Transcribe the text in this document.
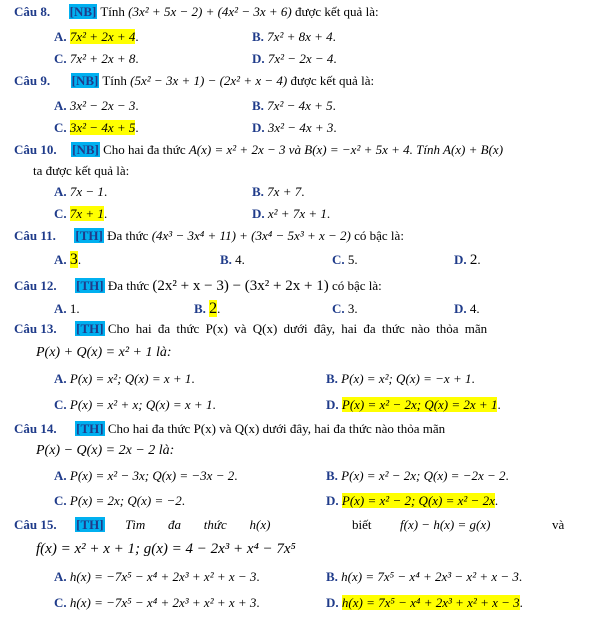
Câu 8. [NB] Tính (3x² + 5x − 2) + (4x² − 3x + 6) được kết quả là:
A. 7x² + 2x + 4.	B. 7x² + 8x + 4.
C. 7x² + 2x + 8.	D. 7x² − 2x − 4.
Câu 9. [NB] Tính (5x² − 3x + 1) − (2x² + x − 4) được kết quả là:
A. 3x² − 2x − 3.	B. 7x² − 4x + 5.
C. 3x² − 4x + 5.	D. 3x² − 4x + 3.
Câu 10. [NB] Cho hai đa thức A(x) = x² + 2x − 3 và B(x) = −x² + 5x + 4. Tính A(x) + B(x)
ta được kết quả là:
A. 7x − 1.	B. 7x + 7.
C. 7x + 1.	D. x² + 7x + 1.
Câu 11. [TH] Đa thức (4x³ − 3x⁴ + 11) + (3x⁴ − 5x³ + x − 2) có bậc là:
A. 3.	B. 4.	C. 5.	D. 2.
Câu 12. [TH] Đa thức (2x² + x − 3) − (3x² + 2x + 1) có bậc là:
A. 1.	B. 2.	C. 3.	D. 4.
Câu 13. [TH] Cho hai đa thức P(x) và Q(x) dưới đây, hai đa thức nào thỏa mãn
P(x) + Q(x) = x² + 1 là:
A. P(x) = x²; Q(x) = x + 1.	B. P(x) = x²; Q(x) = −x + 1.
C. P(x) = x² + x; Q(x) = x + 1.	D. P(x) = x² − 2x; Q(x) = 2x + 1.
Câu 14. [TH] Cho hai đa thức P(x) và Q(x) dưới đây, hai đa thức nào thỏa mãn
P(x) − Q(x) = 2x − 2 là:
A. P(x) = x² − 3x; Q(x) = −3x − 2.	B. P(x) = x² − 2x; Q(x) = −2x − 2.
C. P(x) = 2x; Q(x) = −2.	D. P(x) = x² − 2; Q(x) = x² − 2x.
Câu 15. [TH] Tìm       đa       thức       h(x)	biết f(x) − h(x) = g(x)	và
f(x) = x² + x + 1; g(x) = 4 − 2x³ + x⁴ − 7x⁵
A. h(x) = −7x⁵ − x⁴ + 2x³ + x² + x − 3.	B. h(x) = 7x⁵ − x⁴ + 2x³ − x² + x − 3.
C. h(x) = −7x⁵ − x⁴ + 2x³ + x² + x + 3.	D. h(x) = 7x⁵ − x⁴ + 2x³ + x² + x − 3.
